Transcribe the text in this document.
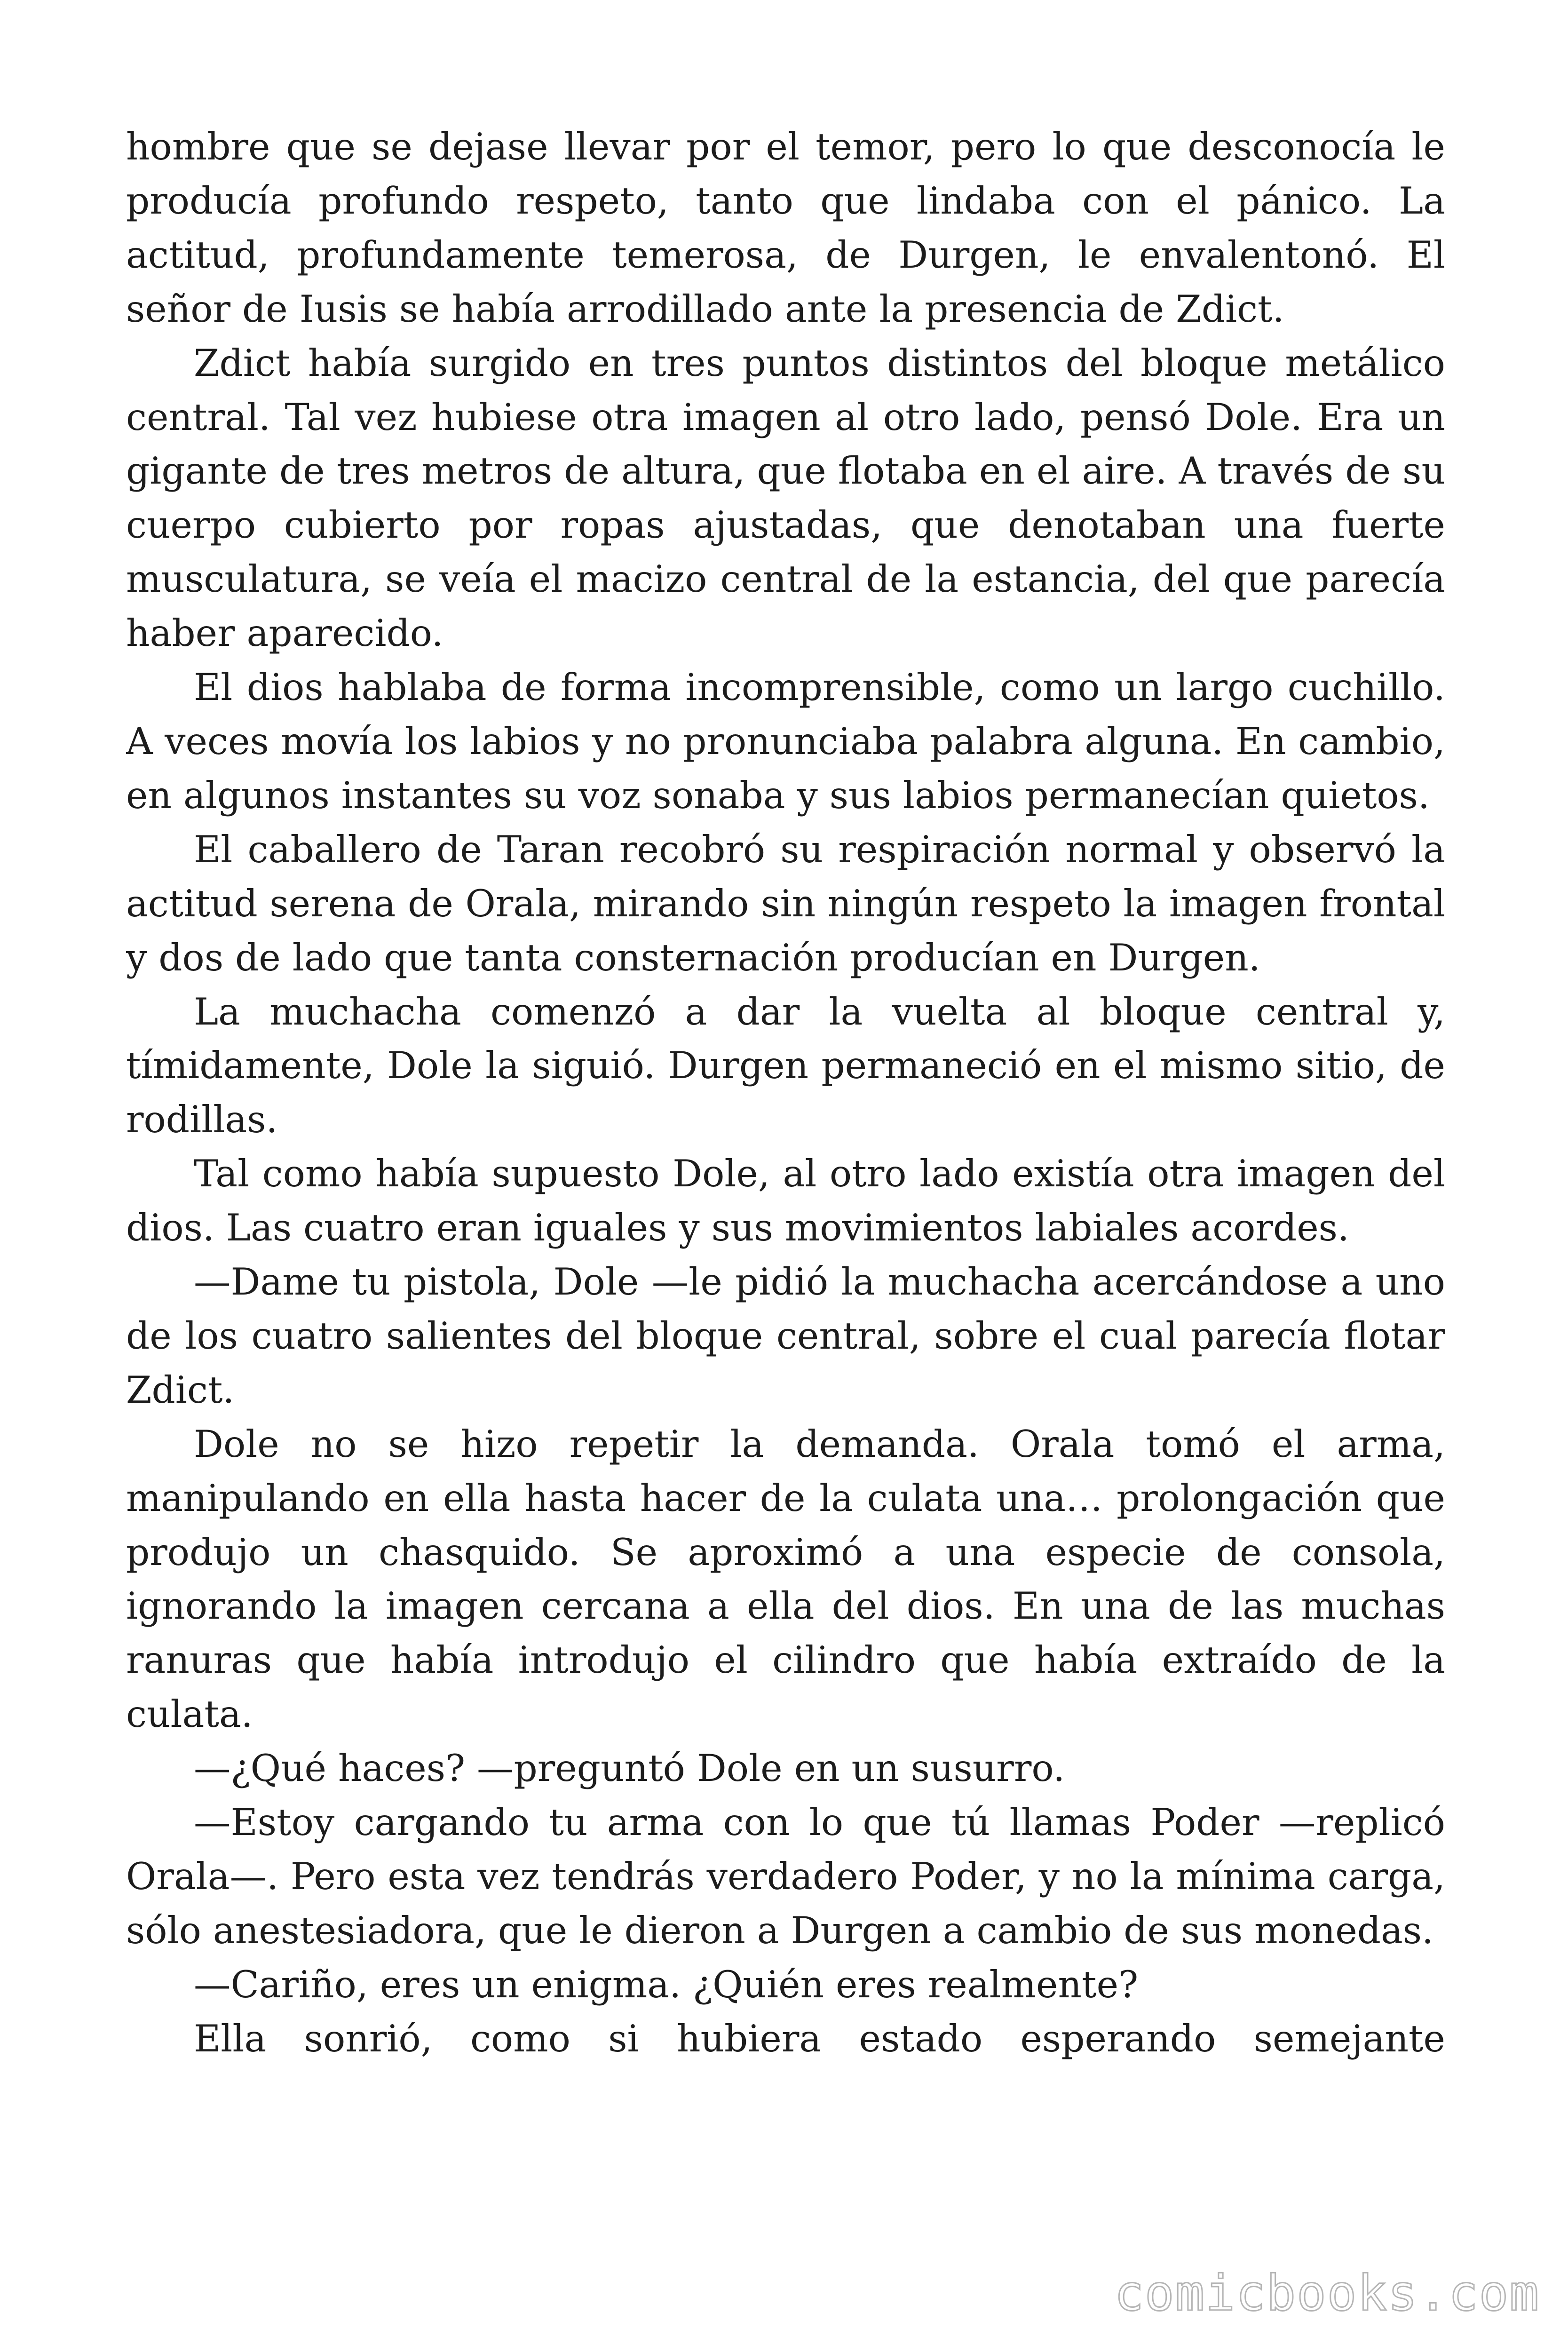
hombre que se dejase llevar por el temor, pero lo que desconocía le producía profundo respeto, tanto que lindaba con el pánico. La actitud, profundamente temerosa, de Durgen, le envalentonó. El señor de Iusis se había arrodillado ante la presencia de Zdict.

Zdict había surgido en tres puntos distintos del bloque metálico central. Tal vez hubiese otra imagen al otro lado, pensó Dole. Era un gigante de tres metros de altura, que flotaba en el aire. A través de su cuerpo cubierto por ropas ajustadas, que denotaban una fuerte musculatura, se veía el macizo central de la estancia, del que parecía haber aparecido.

El dios hablaba de forma incomprensible, como un largo cuchillo. A veces movía los labios y no pronunciaba palabra alguna. En cambio, en algunos instantes su voz sonaba y sus labios permanecían quietos.

El caballero de Taran recobró su respiración normal y observó la actitud serena de Orala, mirando sin ningún respeto la imagen frontal y dos de lado que tanta consternación producían en Durgen.

La muchacha comenzó a dar la vuelta al bloque central y, tímidamente, Dole la siguió. Durgen permaneció en el mismo sitio, de rodillas.

Tal como había supuesto Dole, al otro lado existía otra imagen del dios. Las cuatro eran iguales y sus movimientos labiales acordes.

—Dame tu pistola, Dole —le pidió la muchacha acercándose a uno de los cuatro salientes del bloque central, sobre el cual parecía flotar Zdict.

Dole no se hizo repetir la demanda. Orala tomó el arma, manipulando en ella hasta hacer de la culata una… prolongación que produjo un chasquido. Se aproximó a una especie de consola, ignorando la imagen cercana a ella del dios. En una de las muchas ranuras que había introdujo el cilindro que había extraído de la culata.

—¿Qué haces? —preguntó Dole en un susurro.

—Estoy cargando tu arma con lo que tú llamas Poder —replicó Orala—. Pero esta vez tendrás verdadero Poder, y no la mínima carga, sólo anestesiadora, que le dieron a Durgen a cambio de sus monedas.

—Cariño, eres un enigma. ¿Quién eres realmente?

Ella sonrió, como si hubiera estado esperando semejante

comicbooks.com
